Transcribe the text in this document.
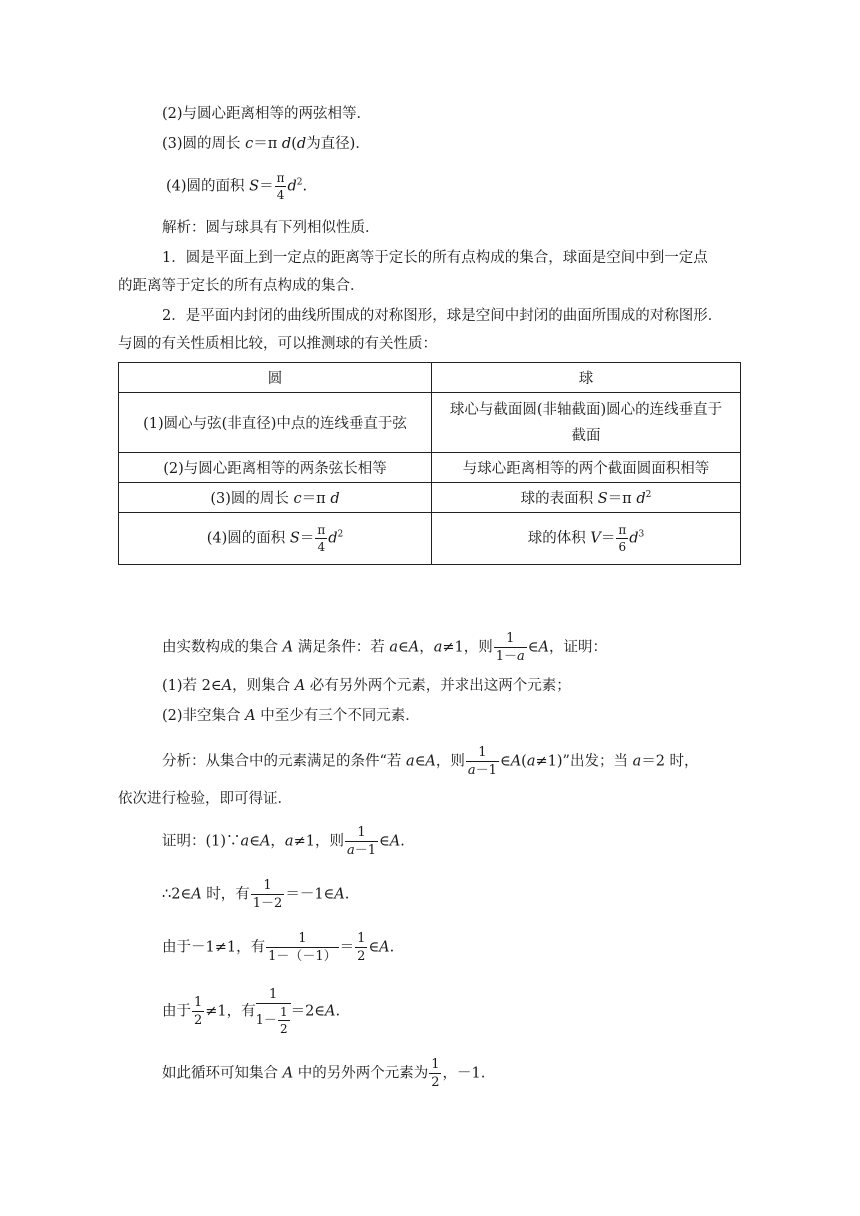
(2)与圆心距离相等的两弦相等．
(3)圆的周长 c＝π d(d为直径)．
(4)圆的面积 $S= \frac{\pi}{4} d^2$.
解析：圆与球具有下列相似性质．
1．圆是平面上到一定点的距离等于定长的所有点构成的集合，球面是空间中到一定点
的距离等于定长的所有点构成的集合．
2．是平面内封闭的曲线所围成的对称图形，球是空间中封闭的曲面所围成的对称图形．
与圆的有关性质相比较，可以推测球的有关性质：
圆	球
(1)圆心与弦(非直径)中点的连线垂直于弦	球心与截面圆(非轴截面)圆心的连线垂直于
截面
(2)与圆心距离相等的两条弦长相等	与球心距离相等的两个截面圆面积相等
(3)圆的周长 c＝π d	球的表面积 S＝π $d^2$
(4)圆的面积 $S= \frac{\pi}{4} d^2$	球的体积 $V= \frac{\pi}{6} d^3$
由实数构成的集合 A 满足条件：若 a∈A，a≠1，则 $\frac{1}{1-a}$ ∈A，证明：
(1)若 2∈A，则集合 A 必有另外两个元素，并求出这两个元素；
(2)非空集合 A 中至少有三个不同元素．
分析：从集合中的元素满足的条件“若 a∈A，则 $\frac{1}{a-1}$ ∈A(a≠1)”出发；当 a＝2 时，
依次进行检验，即可得证．
证明：(1)∵a∈A，a≠1，则 $\frac{1}{a-1}$ ∈A.
∴2∈A 时，有 $\frac{1}{1-2}$ ＝－1∈A.
由于－1≠1，有 $\frac{1}{1-(-1)} = \frac{1}{2}$ ∈A.
由于 $\frac{1}{2} \ne 1$，有 $\frac{1}{1- \frac{1}{2}}$ ＝2∈A.
如此循环可知集合 A 中的另外两个元素为 $\frac{1}{2}$ ，－1.
